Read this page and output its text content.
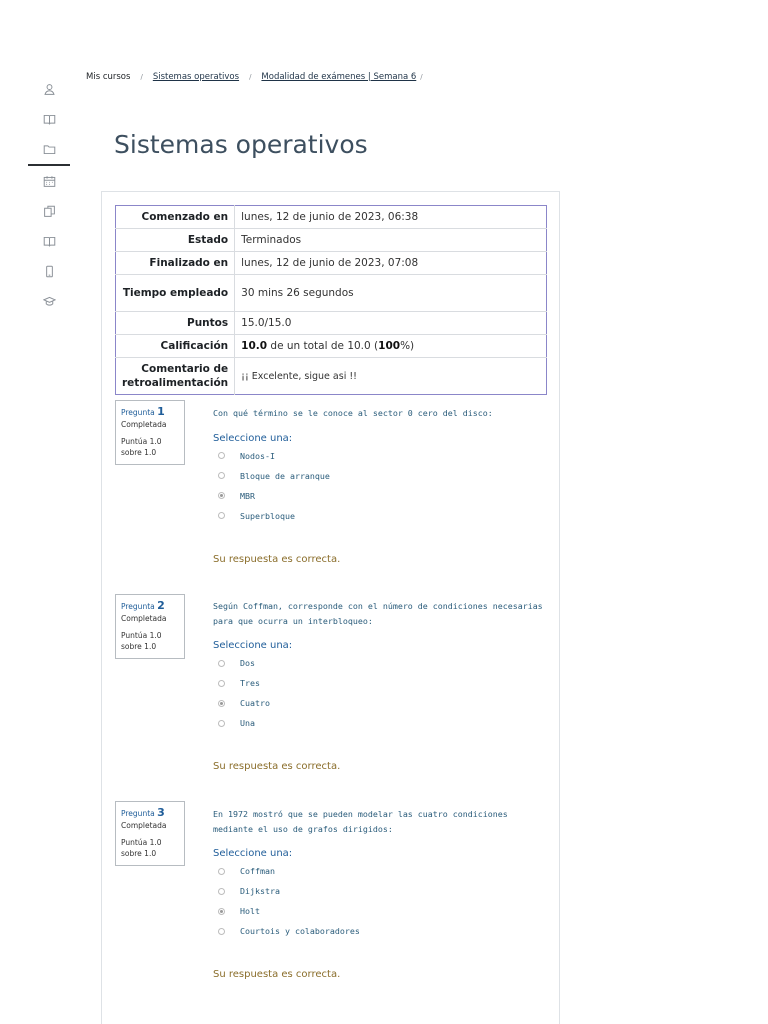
Mis cursos / Sistemas operativos / Modalidad de exámenes | Semana 6 /
Sistemas operativos
Comenzado en	lunes, 12 de junio de 2023, 06:38
Estado	Terminados
Finalizado en	lunes, 12 de junio de 2023, 07:08
Tiempo empleado	30 mins 26 segundos
Puntos	15.0/15.0
Calificación	10.0 de un total de 10.0 (100%)
Comentario de retroalimentación	¡¡ Excelente, sigue asi !!
Pregunta 1
Completada
Puntúa 1.0 sobre 1.0

Con qué término se le conoce al sector 0 cero del disco:

Seleccione una:
Nodos-I
Bloque de arranque
MBR
Superbloque
Su respuesta es correcta.
Pregunta 2
Completada
Puntúa 1.0 sobre 1.0

Según Coffman, corresponde con el número de condiciones necesarias para que ocurra un interbloqueo:

Seleccione una:
Dos
Tres
Cuatro
Una
Su respuesta es correcta.
Pregunta 3
Completada
Puntúa 1.0 sobre 1.0

En 1972 mostró que se pueden modelar las cuatro condiciones mediante el uso de grafos dirigidos:

Seleccione una:
Coffman
Dijkstra
Holt
Courtois y colaboradores
Su respuesta es correcta.
